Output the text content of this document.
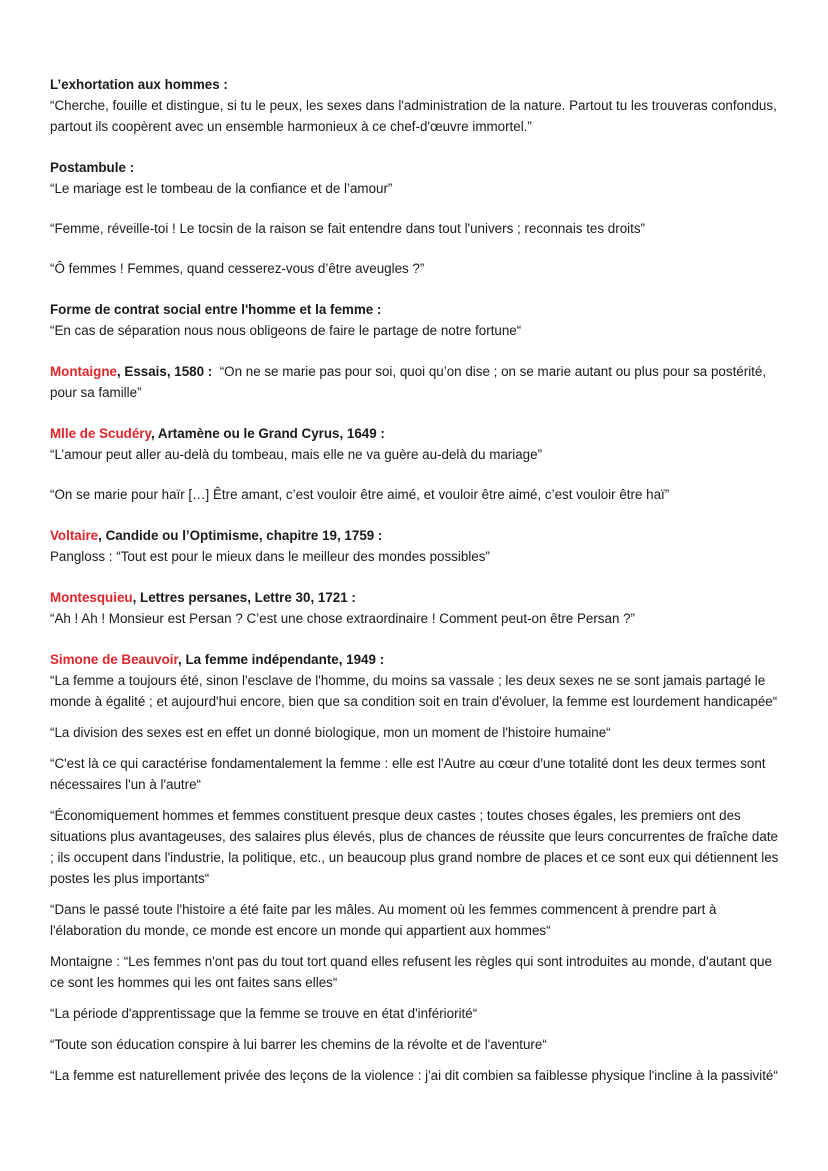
L’exhortation aux hommes :
“Cherche, fouille et distingue, si tu le peux, les sexes dans l'administration de la nature. Partout tu les trouveras confondus, partout ils coopèrent avec un ensemble harmonieux à ce chef-d'œuvre immortel.”
Postambule :
“Le mariage est le tombeau de la confiance et de l’amour”
“Femme, réveille-toi ! Le tocsin de la raison se fait entendre dans tout l'univers ; reconnais tes droits”
“Ô femmes ! Femmes, quand cesserez-vous d’être aveugles ?”
Forme de contrat social entre l'homme et la femme :
“En cas de séparation nous nous obligeons de faire le partage de notre fortune“
Montaigne, Essais, 1580 : “On ne se marie pas pour soi, quoi qu’on dise ; on se marie autant ou plus pour sa postérité, pour sa famille”
Mlle de Scudéry, Artamène ou le Grand Cyrus, 1649 :
“L’amour peut aller au-delà du tombeau, mais elle ne va guère au-delà du mariage”
“On se marie pour haïr […] Être amant, c’est vouloir être aimé, et vouloir être aimé, c’est vouloir être haï”
Voltaire, Candide ou l’Optimisme, chapitre 19, 1759 :
Pangloss : “Tout est pour le mieux dans le meilleur des mondes possibles”
Montesquieu, Lettres persanes, Lettre 30, 1721 :
“Ah ! Ah ! Monsieur est Persan ? C’est une chose extraordinaire ! Comment peut-on être Persan ?”
Simone de Beauvoir, La femme indépendante, 1949 :
“La femme a toujours été, sinon l'esclave de l'homme, du moins sa vassale ; les deux sexes ne se sont jamais partagé le monde à égalité ; et aujourd'hui encore, bien que sa condition soit en train d'évoluer, la femme est lourdement handicapée“
“La division des sexes est en effet un donné biologique, mon un moment de l'histoire humaine“
“C'est là ce qui caractérise fondamentalement la femme : elle est l'Autre au cœur d'une totalité dont les deux termes sont nécessaires l'un à l'autre“
“Économiquement hommes et femmes constituent presque deux castes ; toutes choses égales, les premiers ont des situations plus avantageuses, des salaires plus élevés, plus de chances de réussite que leurs concurrentes de fraîche date ; ils occupent dans l'industrie, la politique, etc., un beaucoup plus grand nombre de places et ce sont eux qui détiennent les postes les plus importants“
“Dans le passé toute l'histoire a été faite par les mâles. Au moment où les femmes commencent à prendre part à l'élaboration du monde, ce monde est encore un monde qui appartient aux hommes“
Montaigne : “Les femmes n'ont pas du tout tort quand elles refusent les règles qui sont introduites au monde, d'autant que ce sont les hommes qui les ont faites sans elles“
“La période d'apprentissage que la femme se trouve en état d'infériorité“
“Toute son éducation conspire à lui barrer les chemins de la révolte et de l'aventure“
“La femme est naturellement privée des leçons de la violence : j'ai dit combien sa faiblesse physique l'incline à la passivité“
